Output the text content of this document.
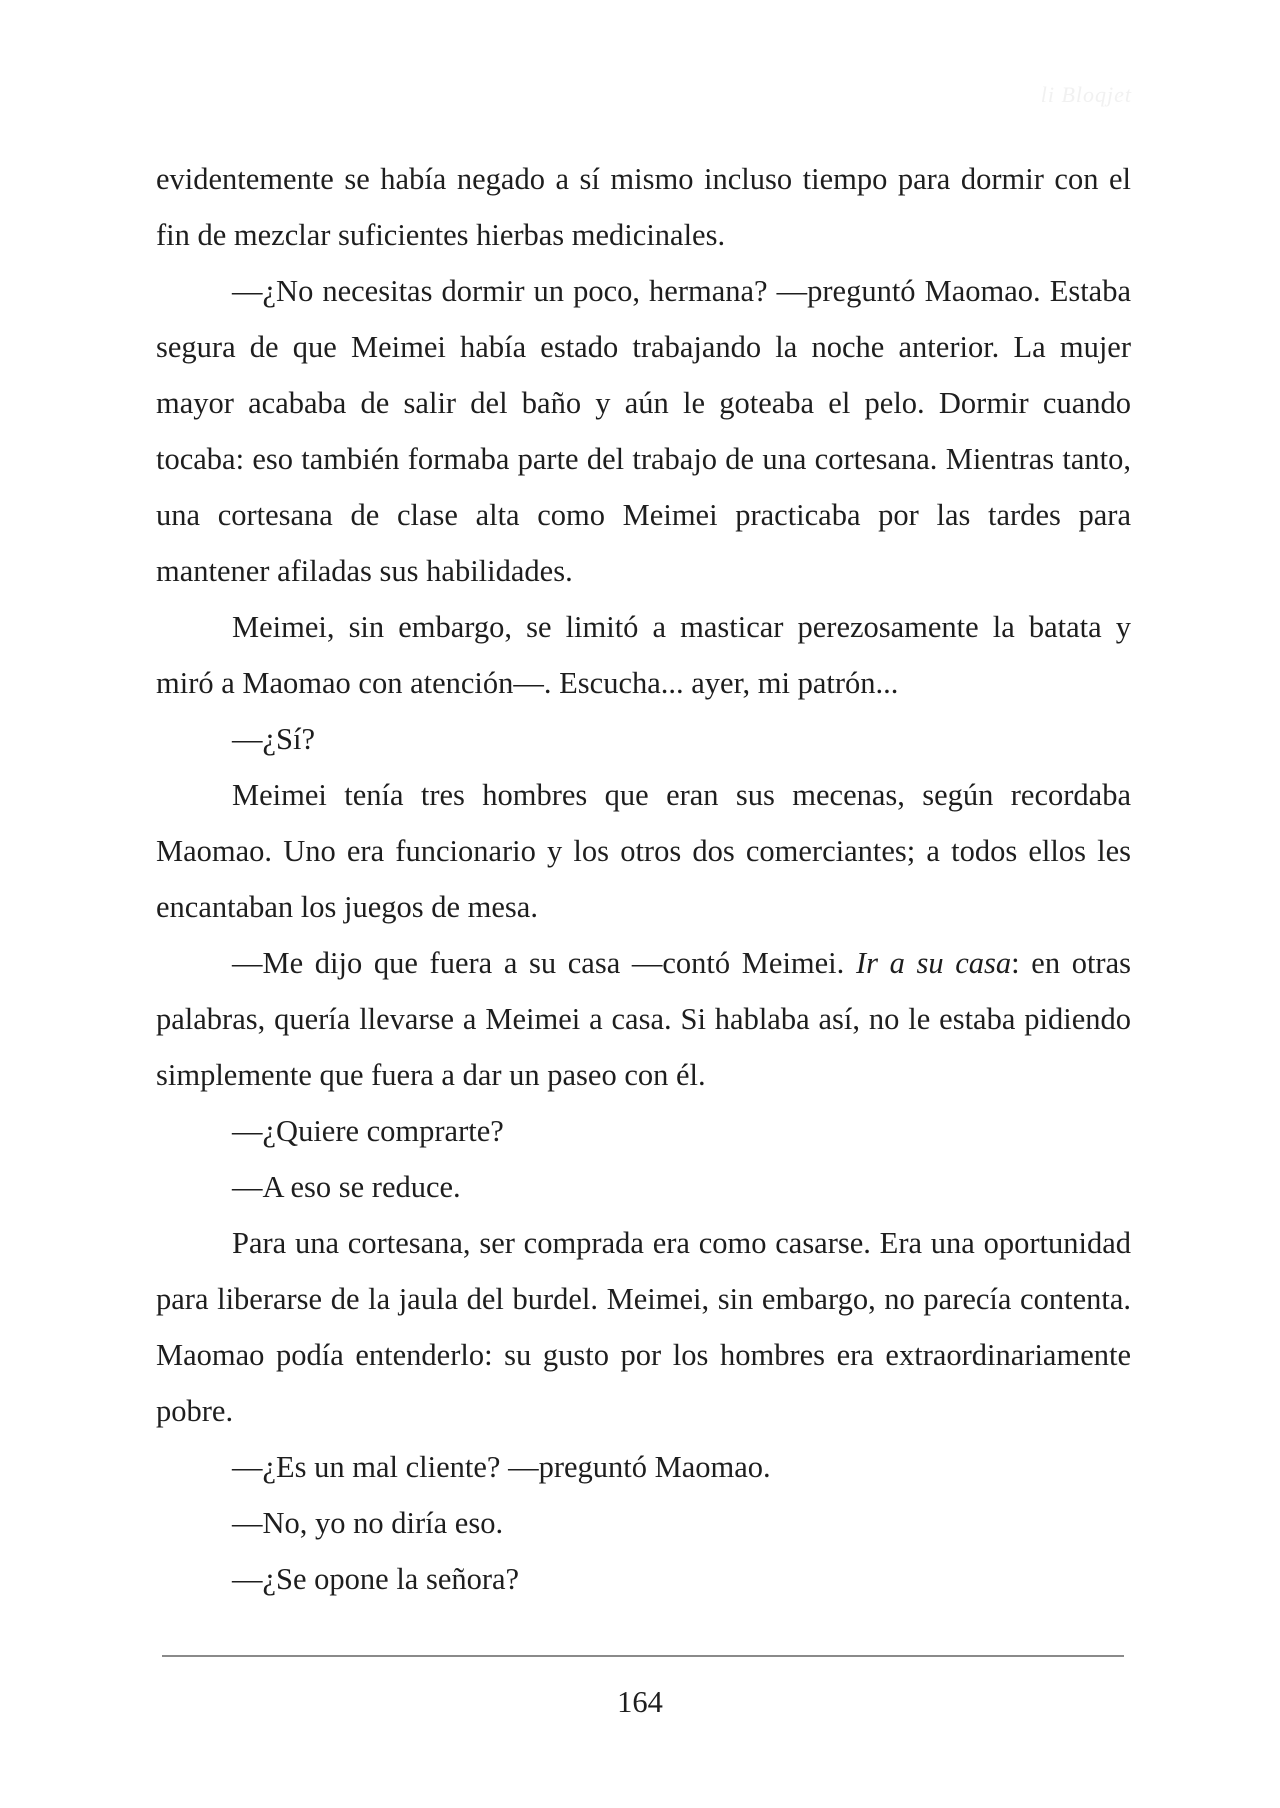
li Bloqjet

evidentemente se había negado a sí mismo incluso tiempo para dormir con el fin de mezclar suficientes hierbas medicinales.

—¿No necesitas dormir un poco, hermana? —preguntó Maomao. Estaba segura de que Meimei había estado trabajando la noche anterior. La mujer mayor acababa de salir del baño y aún le goteaba el pelo. Dormir cuando tocaba: eso también formaba parte del trabajo de una cortesana. Mientras tanto, una cortesana de clase alta como Meimei practicaba por las tardes para mantener afiladas sus habilidades.

Meimei, sin embargo, se limitó a masticar perezosamente la batata y miró a Maomao con atención—. Escucha... ayer, mi patrón...

—¿Sí?

Meimei tenía tres hombres que eran sus mecenas, según recordaba Maomao. Uno era funcionario y los otros dos comerciantes; a todos ellos les encantaban los juegos de mesa.

—Me dijo que fuera a su casa —contó Meimei. Ir a su casa: en otras palabras, quería llevarse a Meimei a casa. Si hablaba así, no le estaba pidiendo simplemente que fuera a dar un paseo con él.

—¿Quiere comprarte?

—A eso se reduce.

Para una cortesana, ser comprada era como casarse. Era una oportunidad para liberarse de la jaula del burdel. Meimei, sin embargo, no parecía contenta. Maomao podía entenderlo: su gusto por los hombres era extraordinariamente pobre.

—¿Es un mal cliente? —preguntó Maomao.

—No, yo no diría eso.

—¿Se opone la señora?

164
